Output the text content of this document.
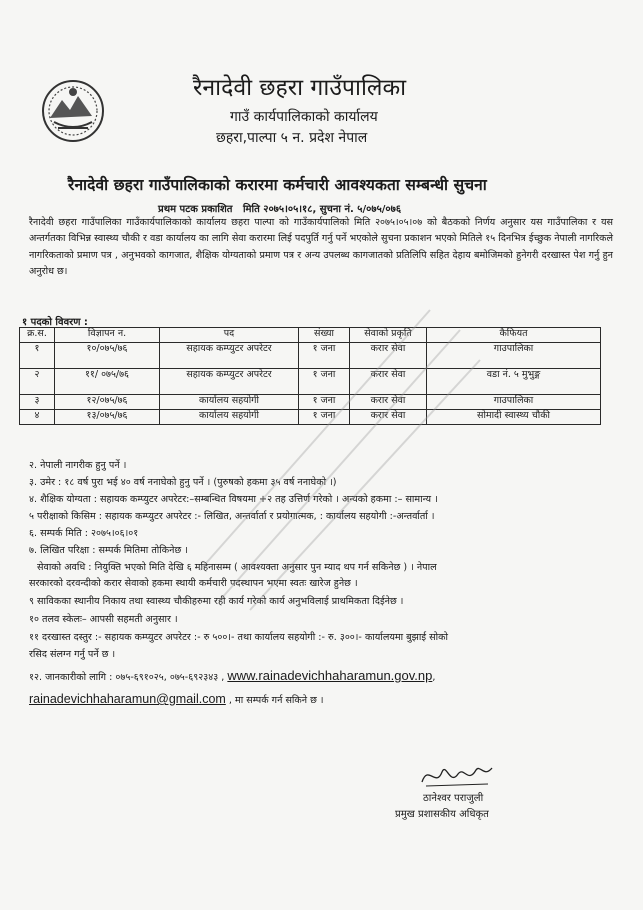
रैनादेवी छहरा गाउँपालिका
गाउँ कार्यपालिकाको कार्यालय
छहरा,पाल्पा ५ न. प्रदेश नेपाल
रैनादेवी छहरा गाउँपालिकाको करारमा कर्मचारी आवश्यकता सम्बन्धी सुचना
प्रथम पटक प्रकाशित मिति २०७५।०५।१८, सुचना नं. ५/०७५/०७६
रैनादेवी छहरा गाउँपालिका गाउँकार्यपालिकाको कार्यालय छहरा पाल्पा को गाउँकार्यपालिको मिति २०७५।०५।०७ को बैठकको निर्णय अनुसार यस गाउँपालिका र यस अन्तर्गतका विभिन्न स्वास्थ्य चौकी र वडा कार्यालय का लागि सेवा करारमा लिई पदपुर्ति गर्नु पर्ने भएकोले सुचना प्रकाशन भएको मितिले १५ दिनभित्र ईच्छुक नेपाली नागरिकले नागरिकताको प्रमाण पत्र , अनुभवको कागजात, शैक्षिक योग्यताको प्रमाण पत्र र अन्य उपलब्ध कागजातको प्रतिलिपि सहित देहाय बमोजिमको हुनेगरी दरखास्त पेश गर्नु हुन अनुरोध छ।
१ पदको विवरण :
क्र.स.	विज्ञापन न.	पद	संख्या	सेवाको प्रकृति	कैफियत
१	१०/०७५/७६	सहायक कम्प्युटर अपरेटर	१ जना	करार सेवा	गाउपालिका
२	११/ ०७५/७६	सहायक कम्प्युटर अपरेटर	१ जना	करार सेवा	वडा नं. ५ मुभुङ्ग
३	१२/०७५/७६	कार्यालय सहयोगी	१ जना	करार सेवा	गाउपालिका
४	१३/०७५/७६	कार्यालय सहयोगी	१ जना	करार सेवा	सोमादी स्वास्थ्य चौकी
२. नेपाली नागरीक हुनु पर्ने ।
३. उमेर : १८ वर्ष पुरा भई ४० वर्ष ननाघेको हुनु पर्ने । (पुरुषको हकमा ३५ वर्ष ननाघेको ।)
४. शैक्षिक योग्यता : सहायक कम्प्युटर अपरेटर:–सम्बन्धित विषयमा +२ तह उत्तिर्ण गरेको । अन्यको हकमा :– सामान्य ।
५ परीक्षाको किसिम : सहायक कम्प्युटर अपरेटर :- लिखित, अन्तर्वार्ता र प्रयोगात्मक, : कार्यालय सहयोगी :-अन्तर्वार्ता ।
६. सम्पर्क मिति : २०७५।०६।०१
७. लिखित परिक्षा : सम्पर्क मितिमा तोकिनेछ ।
सेवाको अवधि : नियुक्ति भएको मिति देखि ६ महिनासम्म ( आवश्यक्ता अनुसार पुन म्याद थप गर्न सकिनेछ ) । नेपाल
सरकारको दरवन्दीको करार सेवाको हकमा स्थायी कर्मचारी पदस्थापन भएमा स्वतः खारेज हुनेछ ।
९ साविकका स्थानीय निकाय तथा स्वास्थ्य चौकीहरुमा रही कार्य गरेको कार्य अनुभविलाई प्राथमिकता दिईनेछ ।
१० तलव स्केलः– आपसी सहमती अनुसार ।
११ दरखास्त दस्तुर :- सहायक कम्प्युटर अपरेटर :- रु ५००।- तथा कार्यालय सहयोगी :- रु. ३००।- कार्यालयमा बुझाई सोको
रसिद संलग्न गर्नु पर्ने छ ।
१२. जानकारीको लागि : ०७५-६९१०२५, ०७५-६९२३४३ , www.rainadevichhaharamun.gov.np,
rainadevichhaharamun@gmail.com , मा सम्पर्क गर्न सकिने छ ।
ठानेश्वर पराजुली
प्रमुख प्रशासकीय अधिकृत
